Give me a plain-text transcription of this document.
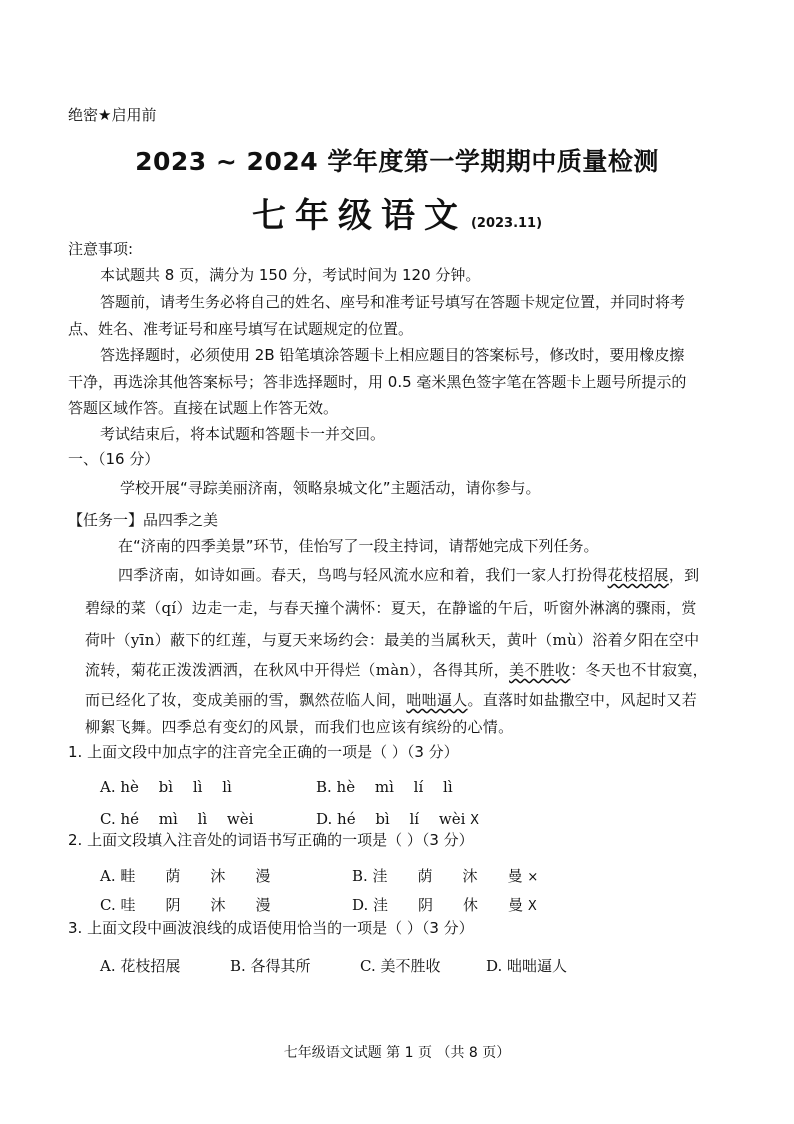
绝密★启用前
2023 ~ 2024 学年度第一学期期中质量检测
七年级语文 (2023.11)
注意事项:
本试题共 8 页，满分为 150 分，考试时间为 120 分钟。
答题前，请考生务必将自己的姓名、座号和准考证号填写在答题卡规定位置，并同时将考
点、姓名、准考证号和座号填写在试题规定的位置。
答选择题时，必须使用 2B 铅笔填涂答题卡上相应题目的答案标号，修改时，要用橡皮擦
干净，再选涂其他答案标号；答非选择题时，用 0.5 毫米黑色签字笔在答题卡上题号所提示的
答题区域作答。直接在试题上作答无效。
考试结束后，将本试题和答题卡一并交回。
一、（16 分）
学校开展“寻踪美丽济南，领略泉城文化”主题活动，请你参与。
【任务一】品四季之美
在“济南的四季美景”环节，佳怡写了一段主持词，请帮她完成下列任务。
四季济南，如诗如画。春天，鸟鸣与轻风流水应和着，我们一家人打扮得花枝招展，到
碧绿的菜（qí）边走一走，与春天撞个满怀：夏天，在静谧的午后，听窗外淋漓的骤雨，赏
荷叶（yīn）蔽下的红莲，与夏天来场约会：最美的当属秋天，黄叶（mù）浴着夕阳在空中
流转，菊花正泼泼洒洒，在秋风中开得烂（màn），各得其所，美不胜收：冬天也不甘寂寞，
而已经化了妆，变成美丽的雪，飘然莅临人间，咄咄逼人。直落时如盐撒空中，风起时又若
柳絮飞舞。四季总有变幻的风景，而我们也应该有缤纷的心情。
1. 上面文段中加点字的注音完全正确的一项是（ ）（3 分）
A. hè　 bì　 lì　 lì	B. hè　 mì　 lí　 lì
C. hé　 mì　 lì　 wèi	D. hé　 bì　 lí　 wèi X
2. 上面文段填入注音处的词语书写正确的一项是（ ）（3 分）
A. 畦　　荫　　沐　　漫	B. 洼　　荫　　沐　　曼 ×
C. 哇　　阴　　沐　　漫	D. 洼　　阴　　休　　曼 X
3. 上面文段中画波浪线的成语使用恰当的一项是（ ）（3 分）
A. 花枝招展	B. 各得其所	C. 美不胜收	D. 咄咄逼人
七年级语文试题 第 1 页 （共 8 页）
